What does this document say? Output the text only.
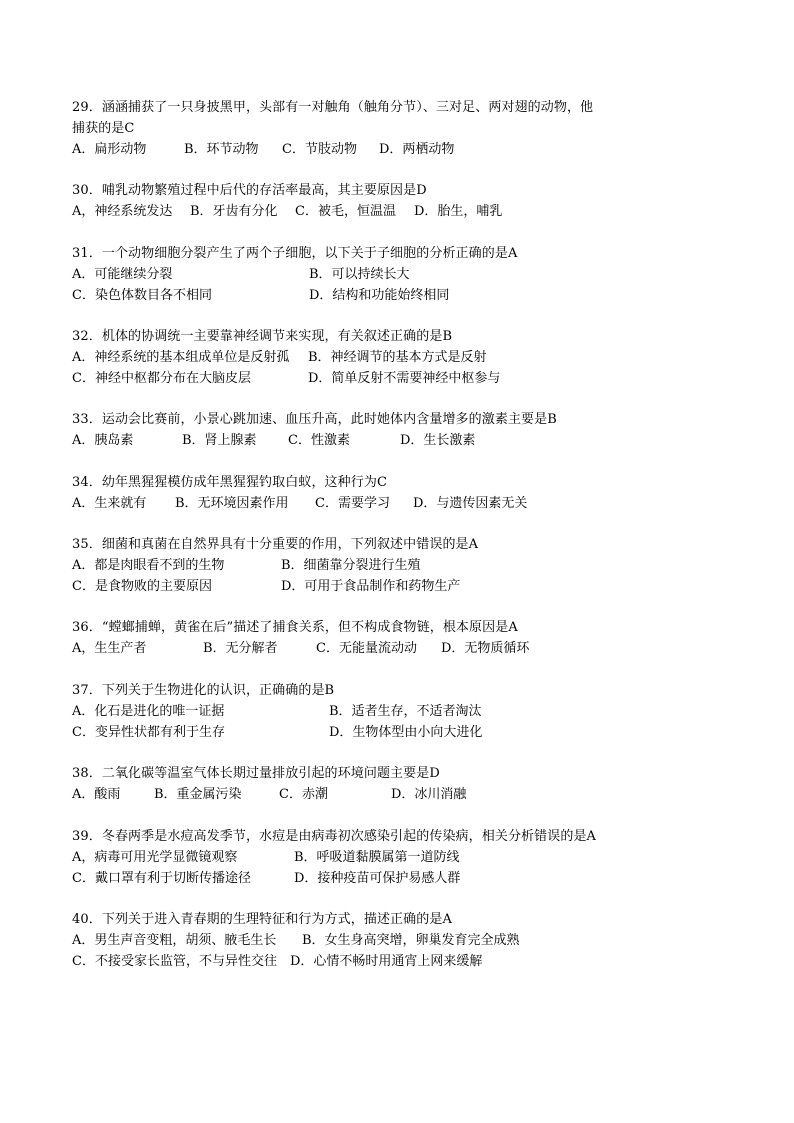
29．涵涵捕获了一只身披黑甲，头部有一对触角（触角分节）、三对足、两对翅的动物，他
捕获的是C
A．扁形动物	B．环节动物 C．节肢动物 D．两栖动物
30．哺乳动物繁殖过程中后代的存活率最高，其主要原因是D
A，神经系统发达 B．牙齿有分化 C．被毛，恒温温 D．胎生，哺乳
31．一个动物细胞分裂产生了两个子细胞，以下关于子细胞的分析正确的是A
A．可能继续分裂	B．可以持续长大
C．染色体数目各不相同	D．结构和功能始终相同
32．机体的协调统一主要靠神经调节来实现，有关叙述正确的是B
A．神经系统的基本组成单位是反射孤 B．神经调节的基本方式是反射
C．神经中枢都分布在大脑皮层	D．简单反射不需要神经中枢参与
33．运动会比赛前，小景心跳加速、血压升高，此时她体内含量增多的激素主要是B
A．胰岛素	B．肾上腺素 C．性激素	D．生长激素
34．幼年黑猩猩模仿成年黑猩猩钓取白蚁，这种行为C
A．生来就有 B．无环境因素作用 C．需要学习 D．与遗传因素无关
35．细菌和真菌在自然界具有十分重要的作用，下列叙述中错误的是A
A．都是肉眼看不到的生物	B．细菌靠分裂进行生殖
C．是食物败的主要原因	D．可用于食品制作和药物生产
36．“螳螂捕蝉，黄雀在后”描述了捕食关系，但不构成食物链，根本原因是A
A，生生产者	B．无分解者	C．无能量流动动 D．无物质循环
37．下列关于生物进化的认识，正确确的是B
A．化石是进化的唯一证据	B．适者生存，不适者淘汰
C．变异性状都有利于生存	D．生物体型由小向大进化
38．二氧化碳等温室气体长期过量排放引起的环境问题主要是D
A．酸雨	B．重金属污染	C．赤潮	D．冰川消融
39．冬春两季是水痘高发季节，水痘是由病毒初次感染引起的传染病，相关分析错误的是A
A，病毒可用光学显微镜观察	B．呼吸道黏膜属第一道防线
C．戴口罩有利于切断传播途径	D．接种疫苗可保护易感人群
40．下列关于进入青春期的生理特征和行为方式，描述正确的是A
A．男生声音变粗，胡须、腋毛生长 B．女生身高突增，卵巢发育完全成熟
C．不接受家长监管，不与异性交往 D．心情不畅时用通宵上网来缓解
